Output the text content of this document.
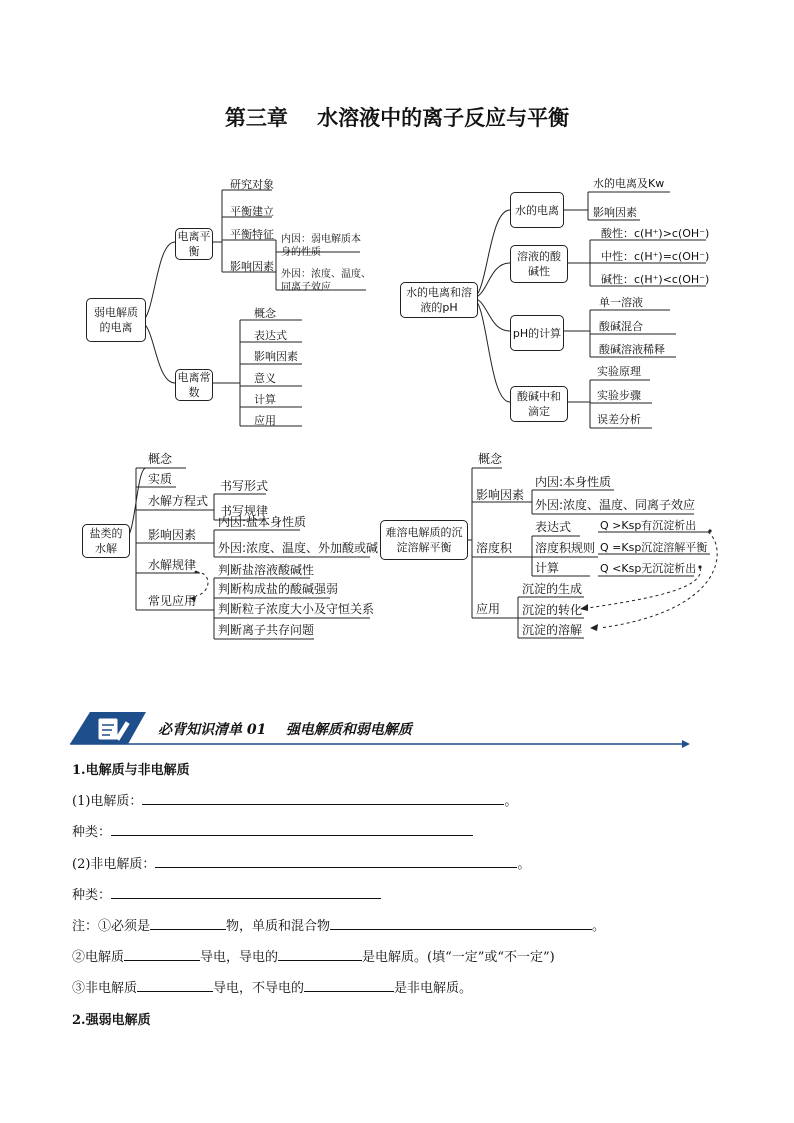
第三章    水溶液中的离子反应与平衡
弱电解质的电离
电离平衡
电离常数
研究对象
平衡建立
平衡特征
影响因素
内因：弱电解质本身的性质
外因：浓度、温度、同离子效应
概念
表达式
影响因素
意义
计算
应用
水的电离和溶液的pH
水的电离
溶液的酸碱性
pH的计算
酸碱中和滴定
水的电离及Kw
影响因素
酸性：c(H⁺)>c(OH⁻)
中性：c(H⁺)=c(OH⁻)
碱性：c(H⁺)<c(OH⁻)
单一溶液
酸碱混合
酸碱溶液稀释
实验原理
实验步骤
误差分析
盐类的水解
概念
实质
水解方程式
影响因素
水解规律
常见应用
书写形式
书写规律
内因:盐本身性质
外因:浓度、温度、外加酸或碱
判断盐溶液酸碱性
判断构成盐的酸碱强弱
判断粒子浓度大小及守恒关系
判断离子共存问题
难溶电解质的沉淀溶解平衡
概念
影响因素
溶度积
应用
内因:本身性质
外因:浓度、温度、同离子效应
表达式
溶度积规则
计算
Q >Ksp有沉淀析出
Q =Ksp沉淀溶解平衡
Q <Ksp无沉淀析出
沉淀的生成
沉淀的转化
沉淀的溶解
必背知识清单 01    强电解质和弱电解质
1.电解质与非电解质
(1)电解质：	。
种类：
(2)非电解质：	。
种类：
注：①必须是	物，单质和混合物	。
②电解质	导电，导电的	是电解质。(填“一定”或“不一定”)
③非电解质	导电，不导电的	是非电解质。
2.强弱电解质
